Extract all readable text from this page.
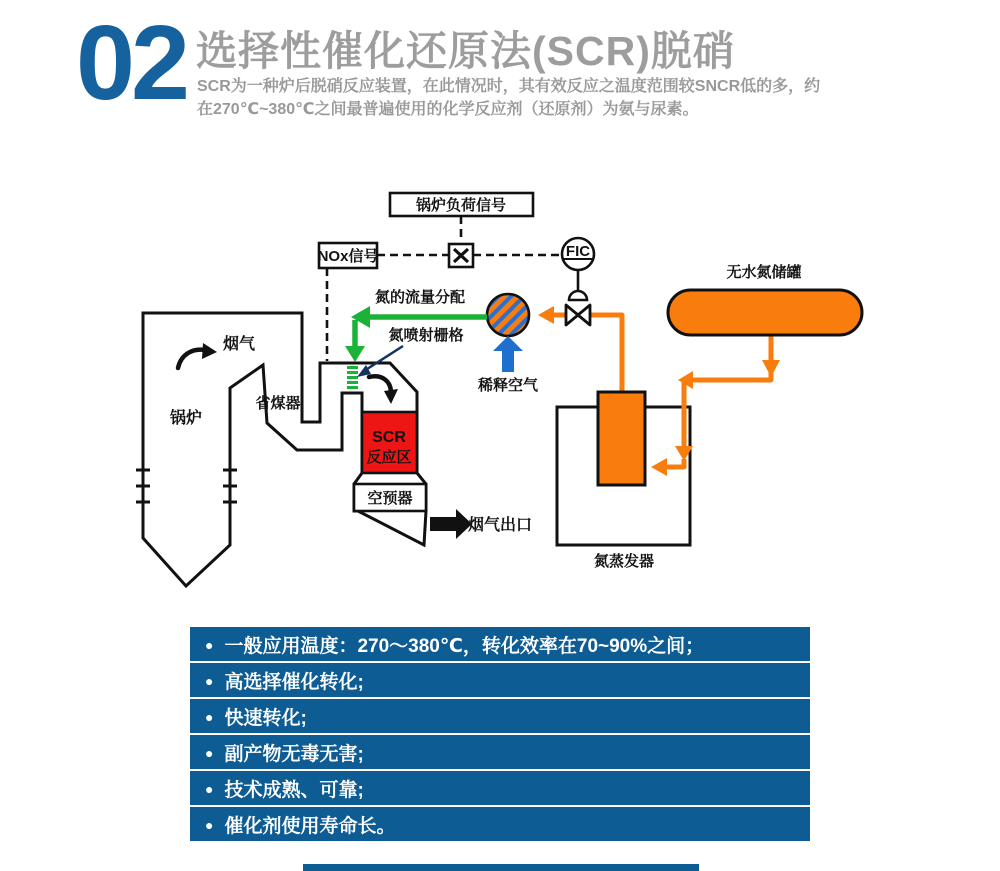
02 选择性催化还原法(SCR)脱硝
SCR为一种炉后脱硝反应装置，在此情况时，其有效反应之温度范围较SNCR低的多，约
在270℃~380℃之间最普遍使用的化学反应剂（还原剂）为氨与尿素。
锅炉负荷信号
NOx信号	FIC
烟气
锅炉
省煤器
氮的流量分配
氮喷射栅格
SCR
反应区
空预器
烟气出口
稀释空气
无水氮储罐
氮蒸发器
● 一般应用温度：270～380℃，转化效率在70~90%之间；
● 高选择催化转化;
● 快速转化;
● 副产物无毒无害;
● 技术成熟、可靠;
● 催化剂使用寿命长。
